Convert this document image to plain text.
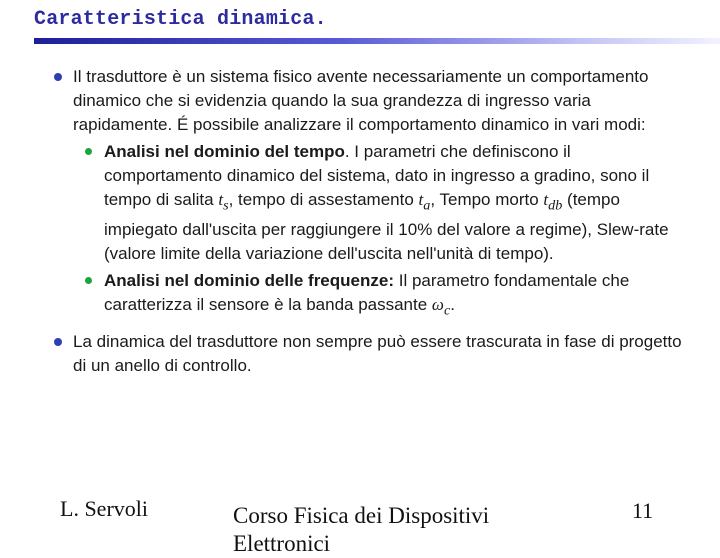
Caratteristica dinamica.
Il trasduttore è un sistema fisico avente necessariamente un comportamento dinamico che si evidenzia quando la sua grandezza di ingresso varia rapidamente. É possibile analizzare il comportamento dinamico in vari modi:
Analisi nel dominio del tempo. I parametri che definiscono il comportamento dinamico del sistema, dato in ingresso a gradino, sono il tempo di salita $t_s$, tempo di assestamento $t_a$, Tempo morto $t_{db}$ (tempo impiegato dall'uscita per raggiungere il 10% del valore a regime), Slew-rate (valore limite della variazione dell'uscita nell'unità di tempo).
Analisi nel dominio delle frequenze: Il parametro fondamentale che caratterizza il sensore è la banda passante $\omega_c$.
La dinamica del trasduttore non sempre può essere trascurata in fase di progetto di un anello di controllo.
L. Servoli	Corso Fisica dei Dispositivi Elettronici
11
